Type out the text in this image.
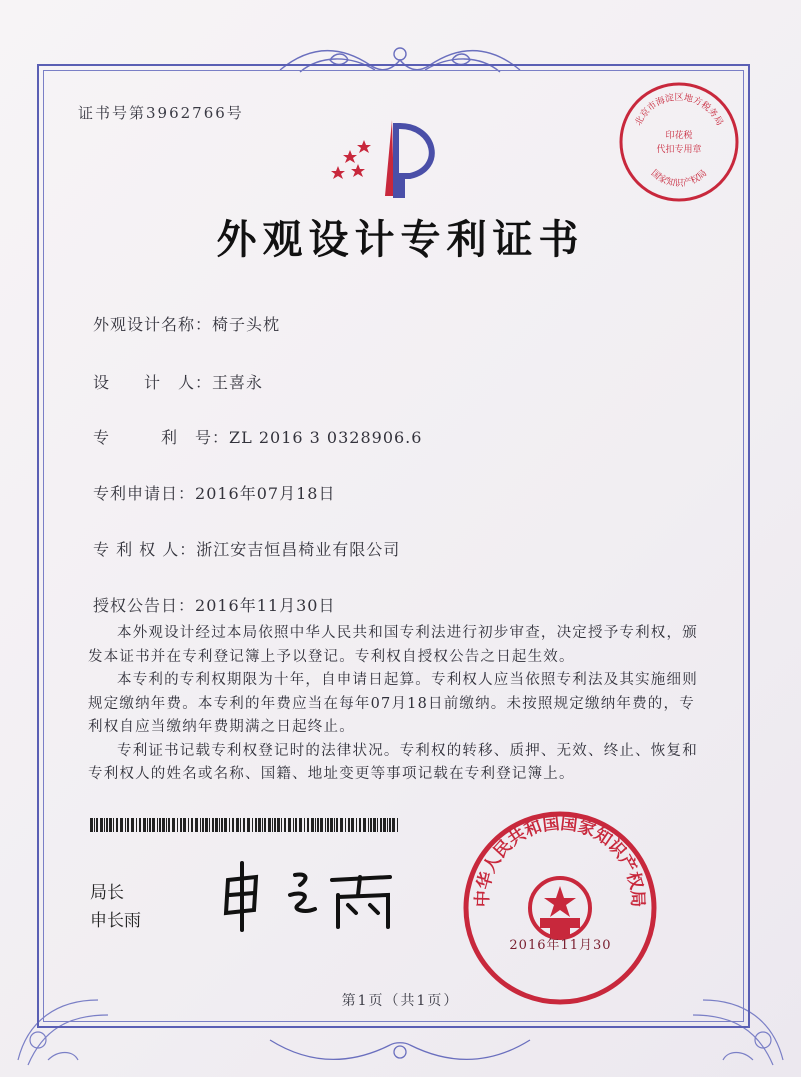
证书号第3962766号	北京市海淀区地方税务局
印花税
代扣专用章
国家知识产权局
外观设计专利证书
外观设计名称：椅子头枕
设　　计　人：王喜永
专　　　利　号：ZL 2016 3 0328906.6
专利申请日：2016年07月18日
专 利 权 人：浙江安吉恒昌椅业有限公司
授权公告日：2016年11月30日

本外观设计经过本局依照中华人民共和国专利法进行初步审查，决定授予专利权，颁发本证书并在专利登记簿上予以登记。专利权自授权公告之日起生效。

本专利的专利权期限为十年，自申请日起算。专利权人应当依照专利法及其实施细则规定缴纳年费。本专利的年费应当在每年07月18日前缴纳。未按照规定缴纳年费的，专利权自应当缴纳年费期满之日起终止。

专利证书记载专利权登记时的法律状况。专利权的转移、质押、无效、终止、恢复和专利权人的姓名或名称、国籍、地址变更等事项记载在专利登记簿上。

局长
申长雨
中华人民共和国国家知识产权局
2016年11月30
第1页（共1页）
